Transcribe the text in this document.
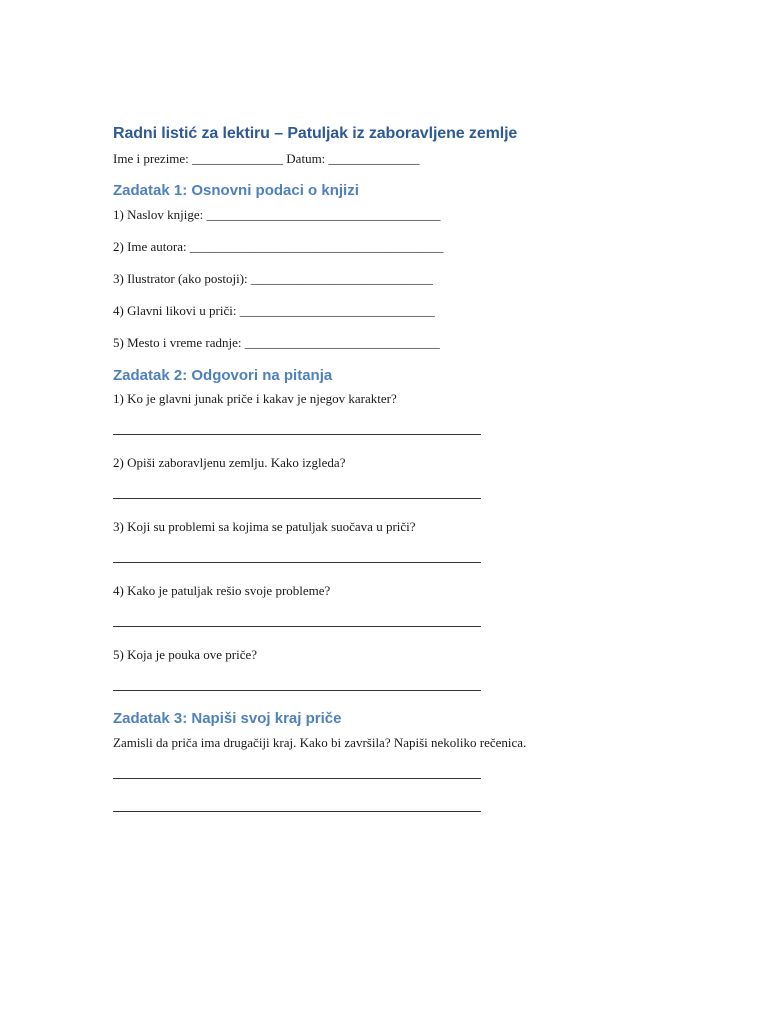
Radni listić za lektiru – Patuljak iz zaboravljene zemlje
Ime i prezime: ______________ Datum: ______________
Zadatak 1: Osnovni podaci o knjizi
1) Naslov knjige: ____________________________________
2) Ime autora: _______________________________________
3) Ilustrator (ako postoji): ____________________________
4) Glavni likovi u priči: ______________________________
5) Mesto i vreme radnje: ______________________________
Zadatak 2: Odgovori na pitanja
1) Ko je glavni junak priče i kakav je njegov karakter?
2) Opiši zaboravljenu zemlju. Kako izgleda?
3) Koji su problemi sa kojima se patuljak suočava u priči?
4) Kako je patuljak rešio svoje probleme?
5) Koja je pouka ove priče?
Zadatak 3: Napiši svoj kraj priče
Zamisli da priča ima drugačiji kraj. Kako bi završila? Napiši nekoliko rečenica.
